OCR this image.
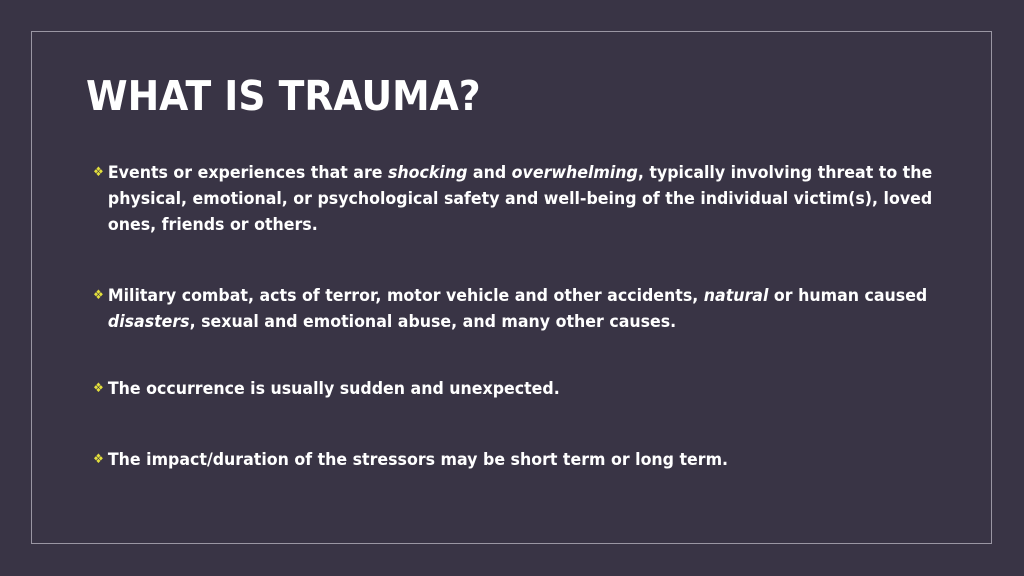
WHAT IS TRAUMA?
❖ Events or experiences that are shocking and overwhelming, typically involving threat to the physical, emotional, or psychological safety and well-being of the individual victim(s), loved ones, friends or others.
❖ Military combat, acts of terror, motor vehicle and other accidents, natural or human caused disasters, sexual and emotional abuse, and many other causes.
❖ The occurrence is usually sudden and unexpected.
❖ The impact/duration of the stressors may be short term or long term.
